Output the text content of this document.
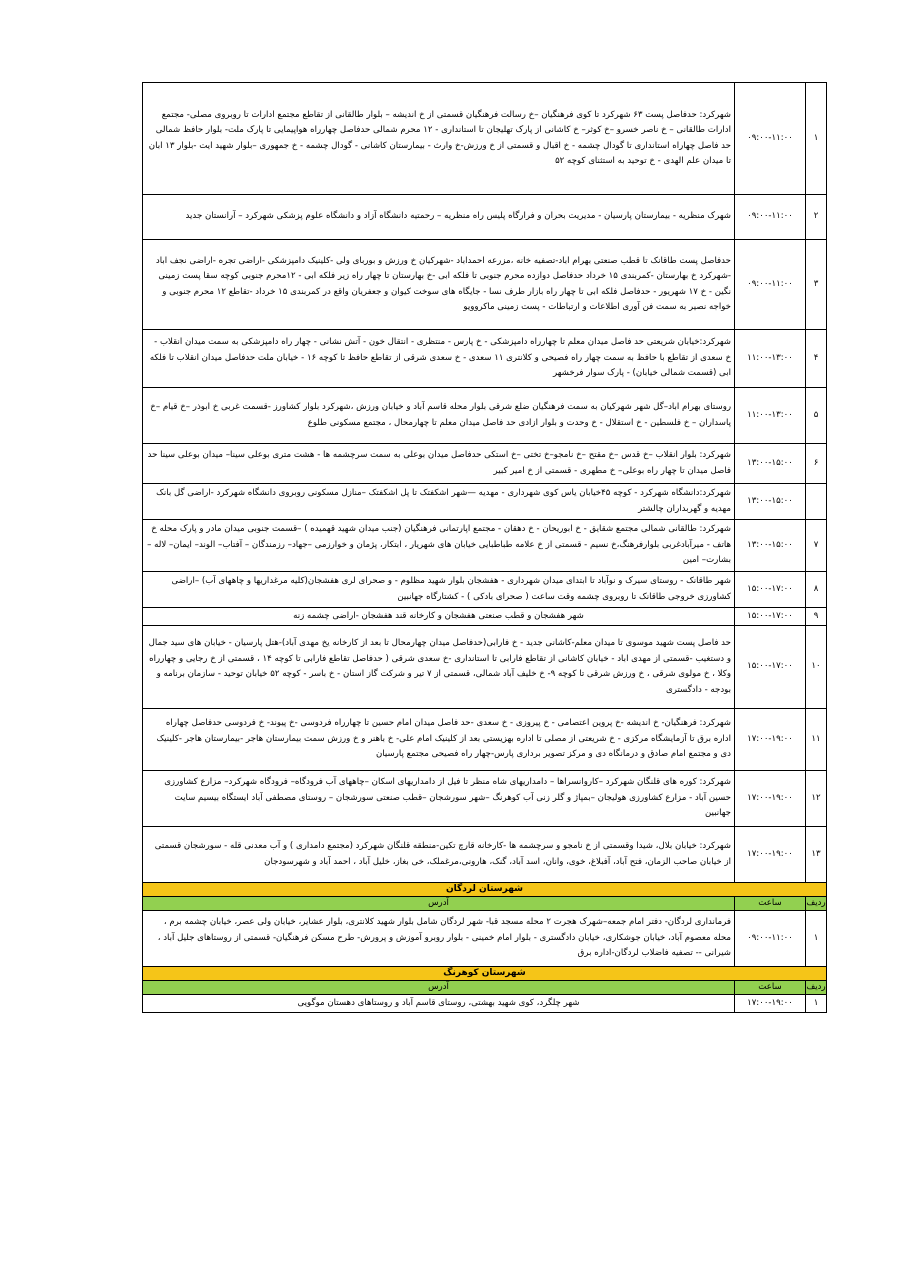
۱	۰۹:۰۰-۱۱:۰۰	شهرکرد: حدفاصل پست ۶۳ شهرکرد تا کوی فرهنگیان –خ رسالت فرهنگیان قسمتی از خ اندیشه – بلوار طالقانی از تقاطع مجتمع ادارات تا روبروی مصلی- مجتمع ادارات طالقانی – خ ناصر خسرو –خ کوثر– خ کاشانی از پارک تهلیجان تا استانداری - ۱۲ محرم شمالی حدفاصل چهارراه هواپیمایی تا پارک ملت- بلوار حافظ شمالی حد فاصل چهاراه استانداری تا گودال چشمه - خ اقبال و قسمتی از خ ورزش-خ وارث - بیمارستان کاشانی - گودال چشمه - خ جمهوری –بلوار شهید ایت -بلوار ۱۳ ابان تا میدان علم الهدی - خ توحید به استثنای کوچه ۵۲
۲	۰۹:۰۰-۱۱:۰۰	شهرک منظریه - بیمارستان پارسیان - مدیریت بحران و فرارگاه پلیس راه منظریه – رحمتیه دانشگاه آزاد و دانشگاه علوم پزشکی شهرکرد – آرانستان جدید
۳	۰۹:۰۰-۱۱:۰۰	حدفاصل پست طاقانک تا قطب صنعتی بهرام اباد-تصفیه خانه ،مزرعه احمداباد -شهرکیان خ ورزش و بوربای ولی -کلینیک دامپزشکی -اراضی تجره -اراضی نجف اباد -شهرکرد خ بهارستان -کمربندی ۱۵ خرداد حدفاصل دوازده محرم جنوبی تا فلکه ابی -خ بهارستان تا چهار راه زیر فلکه ابی - ۱۲محرم جنوبی کوچه سقا پست زمینی نگین - خ ۱۷ شهریور - حدفاصل فلکه ابی تا چهار راه بازار طرف نسا - جایگاه های سوخت کیوان و جعفریان واقع در کمربندی ۱۵ خرداد -تقاطع ۱۲ محرم جنوبی و خواجه نصیر به سمت فن آوری اطلاعات و ارتباطات - پست زمینی ماکروویو
۴	۱۱:۰۰-۱۳:۰۰	شهرکرد:خیابان شریعتی حد فاصل میدان معلم تا چهارراه دامپزشکی - خ پارس - منتظری - انتقال خون - آتش نشانی - چهار راه دامپزشکی به سمت میدان انقلاب - خ سعدی از تقاطع با حافظ به سمت چهار راه فصیحی و کلانتری ۱۱ سعدی - خ سعدی شرقی از تقاطع حافظ تا کوچه ۱۶ - خیابان ملت حدفاصل میدان انقلاب تا فلکه ابی (قسمت شمالی خیابان) - پارک سوار فرخشهر
۵	۱۱:۰۰-۱۳:۰۰	روستای بهرام اباد–گل شهر شهرکیان به سمت فرهنگیان ضلع شرقی بلوار محله قاسم آباد و خیابان ورزش ،شهرکرد بلوار کشاورز -قسمت غربی خ ابوذر –خ قیام –خ پاسداران – خ فلسطین - خ استقلال - خ وحدت و بلوار ازادی حد فاصل میدان معلم تا چهارمحال ، مجتمع مسکونی طلوع
۶	۱۳:۰۰-۱۵:۰۰	شهرکرد: بلوار انقلاب –خ قدس –خ مقتح –خ نامجو–خ تختی –خ استکی حدفاصل میدان بوعلی به سمت سرچشمه ها - هشت متری بوعلی سینا– میدان بوعلی سینا حد فاصل میدان تا چهار راه بوعلی– خ مطهری - قسمتی از خ امیر کبیر
	۱۳:۰۰-۱۵:۰۰	شهرکرد:دانشگاه شهرکرد - کوچه ۴۵خیابان یاس کوی شهرداری - مهدیه —شهر اشکفتک تا پل اشکفتک –منازل مسکونی روبروی دانشگاه شهرکرد -اراضی گل بانک مهدیه و گهربداران چالشتر
۷	۱۳:۰۰-۱۵:۰۰	شهرکرد: طالقانی شمالی مجتمع شقایق - خ ابوریحان - خ دهقان - مجتمع اپارتمانی فرهنگیان (جنب میدان شهید قهمیده ) –قسمت جنوبی میدان مادر و پارک محله خ هاتف - میرآبادغربی بلوارفرهنگ،خ نسیم - قسمتی از خ علامه طباطبایی خیابان های شهریار ، ابتکار، پژمان و خوارزمی –جهاد– رزمندگان – آفتاب– الوند– ایمان– لاله – بشارت– امین
۸	۱۵:۰۰-۱۷:۰۰	شهر طاقانک - روستای سیرک و نوآباد تا ابتدای میدان شهرداری - هفشجان بلوار شهید مظلوم - و صحرای لری هفشجان(کلیه مرغداریها و چاههای آب) –اراضی کشاورزی خروجی طاقانک تا روبروی چشمه وقت ساعت ( صحرای بادکی ) - کشتارگاه جهانبین
۹	۱۵:۰۰-۱۷:۰۰	شهر هفشجان و قطب صنعتی هفشجان و کارخانه قند هفشجان -اراضی چشمه زنه
۱۰	۱۵:۰۰-۱۷:۰۰	حد فاصل پست شهید موسوی تا میدان معلم-کاشانی جدید - خ فارابی(حدفاصل میدان چهارمحال تا بعد از کارخانه یخ مهدی آباد)-هتل پارسیان - خیابان های سید جمال و دستغیب -قسمتی از مهدی اباد - خیابان کاشانی از تقاطع فارابی تا استانداری -خ سعدی شرقی ( حدفاصل تقاطع فارابی تا کوچه ۱۴ ، قسمتی از خ رجایی و چهارراه وکلا ، خ مولوی شرقی ، خ ورزش شرقی تا کوچه ۹- خ خلیف آباد شمالی، قسمتی از ۷ تیر و شرکت گاز استان - خ باسر - کوچه ۵۲ خیابان توحید - سازمان برنامه و بودجه - دادگستری
۱۱	۱۷:۰۰-۱۹:۰۰	شهرکرد: فرهنگیان- خ اندیشه -خ پروین اعتصامی - خ پیروزی - خ سعدی -حد فاصل میدان امام حسین تا چهارراه فردوسی -خ پیوند- خ فردوسی حدفاصل چهاراه اداره برق تا آزمایشگاه مرکزی - خ شریعتی از مصلی تا اداره بهزیستی بعد از کلینیک امام علی- خ باهنر و خ ورزش سمت بیمارستان هاجر -بیمارستان هاجر -کلینیک دی و مجتمع امام صادق و درمانگاه دی و مرکز تصویر برداری پارس-چهار راه فصیحی مجتمع پارسیان
۱۲	۱۷:۰۰-۱۹:۰۰	شهرکرد: کوره های قلنگان شهرکرد –کاروانسراها – دامداریهای شاه منظر تا فیل از دامداریهای اسکان –چاههای آب فرودگاه– فرودگاه شهرکرد– مزارع کشاورزی حسین آباد - مزارع کشاورزی هولیجان –بمپاژ و گلر زنی آب کوهرنگ –شهر سورشجان –قطب صنعتی سورشجان – روستای مصطفی آباد ایستگاه بیسیم سایت جهانبین
۱۳	۱۷:۰۰-۱۹:۰۰	شهرکرد: خیابان بلال، شیدا وقسمتی از خ نامجو و سرچشمه ها -کارخانه قارچ تکین-منطقه قلنگان شهرکرد (مجتمع دامداری ) و آب معدنی قله - سورشجان قسمتی از خیابان صاحب الزمان، فتح آباد، آفبلاغ، خوی، وانان، اسد آباد، گنک، هارونی،مرغملک، خی بغاز، خلیل آباد ، احمد آباد و شهرسودجان
شهرستان لردگان		
ردیف	ساعت	آدرس
۱	۰۹:۰۰-۱۱:۰۰	فرمانداری لردگان- دفتر امام جمعه–شهرک هجرت ۲ محله مسجد قبا- شهر لردگان شامل بلوار شهید کلانتری، بلوار عشایر، خیابان ولی عصر، خیابان چشمه برم ، محله معصوم آباد، خیابان جوشکاری، خیابان دادگستری - بلوار امام خمینی - بلوار روبرو آموزش و پرورش- طرح مسکن فرهنگیان- قسمتی از روستاهای جلیل آباد ، شیرانی -- تصفیه فاضلاب لردگان-اداره برق
شهرستان کوهرنگ		
ردیف	ساعت	آدرس
۱	۱۷:۰۰-۱۹:۰۰	شهر چلگرد، کوی شهید بهشتی، روستای قاسم آباد و روستاهای دهستان موگویی
